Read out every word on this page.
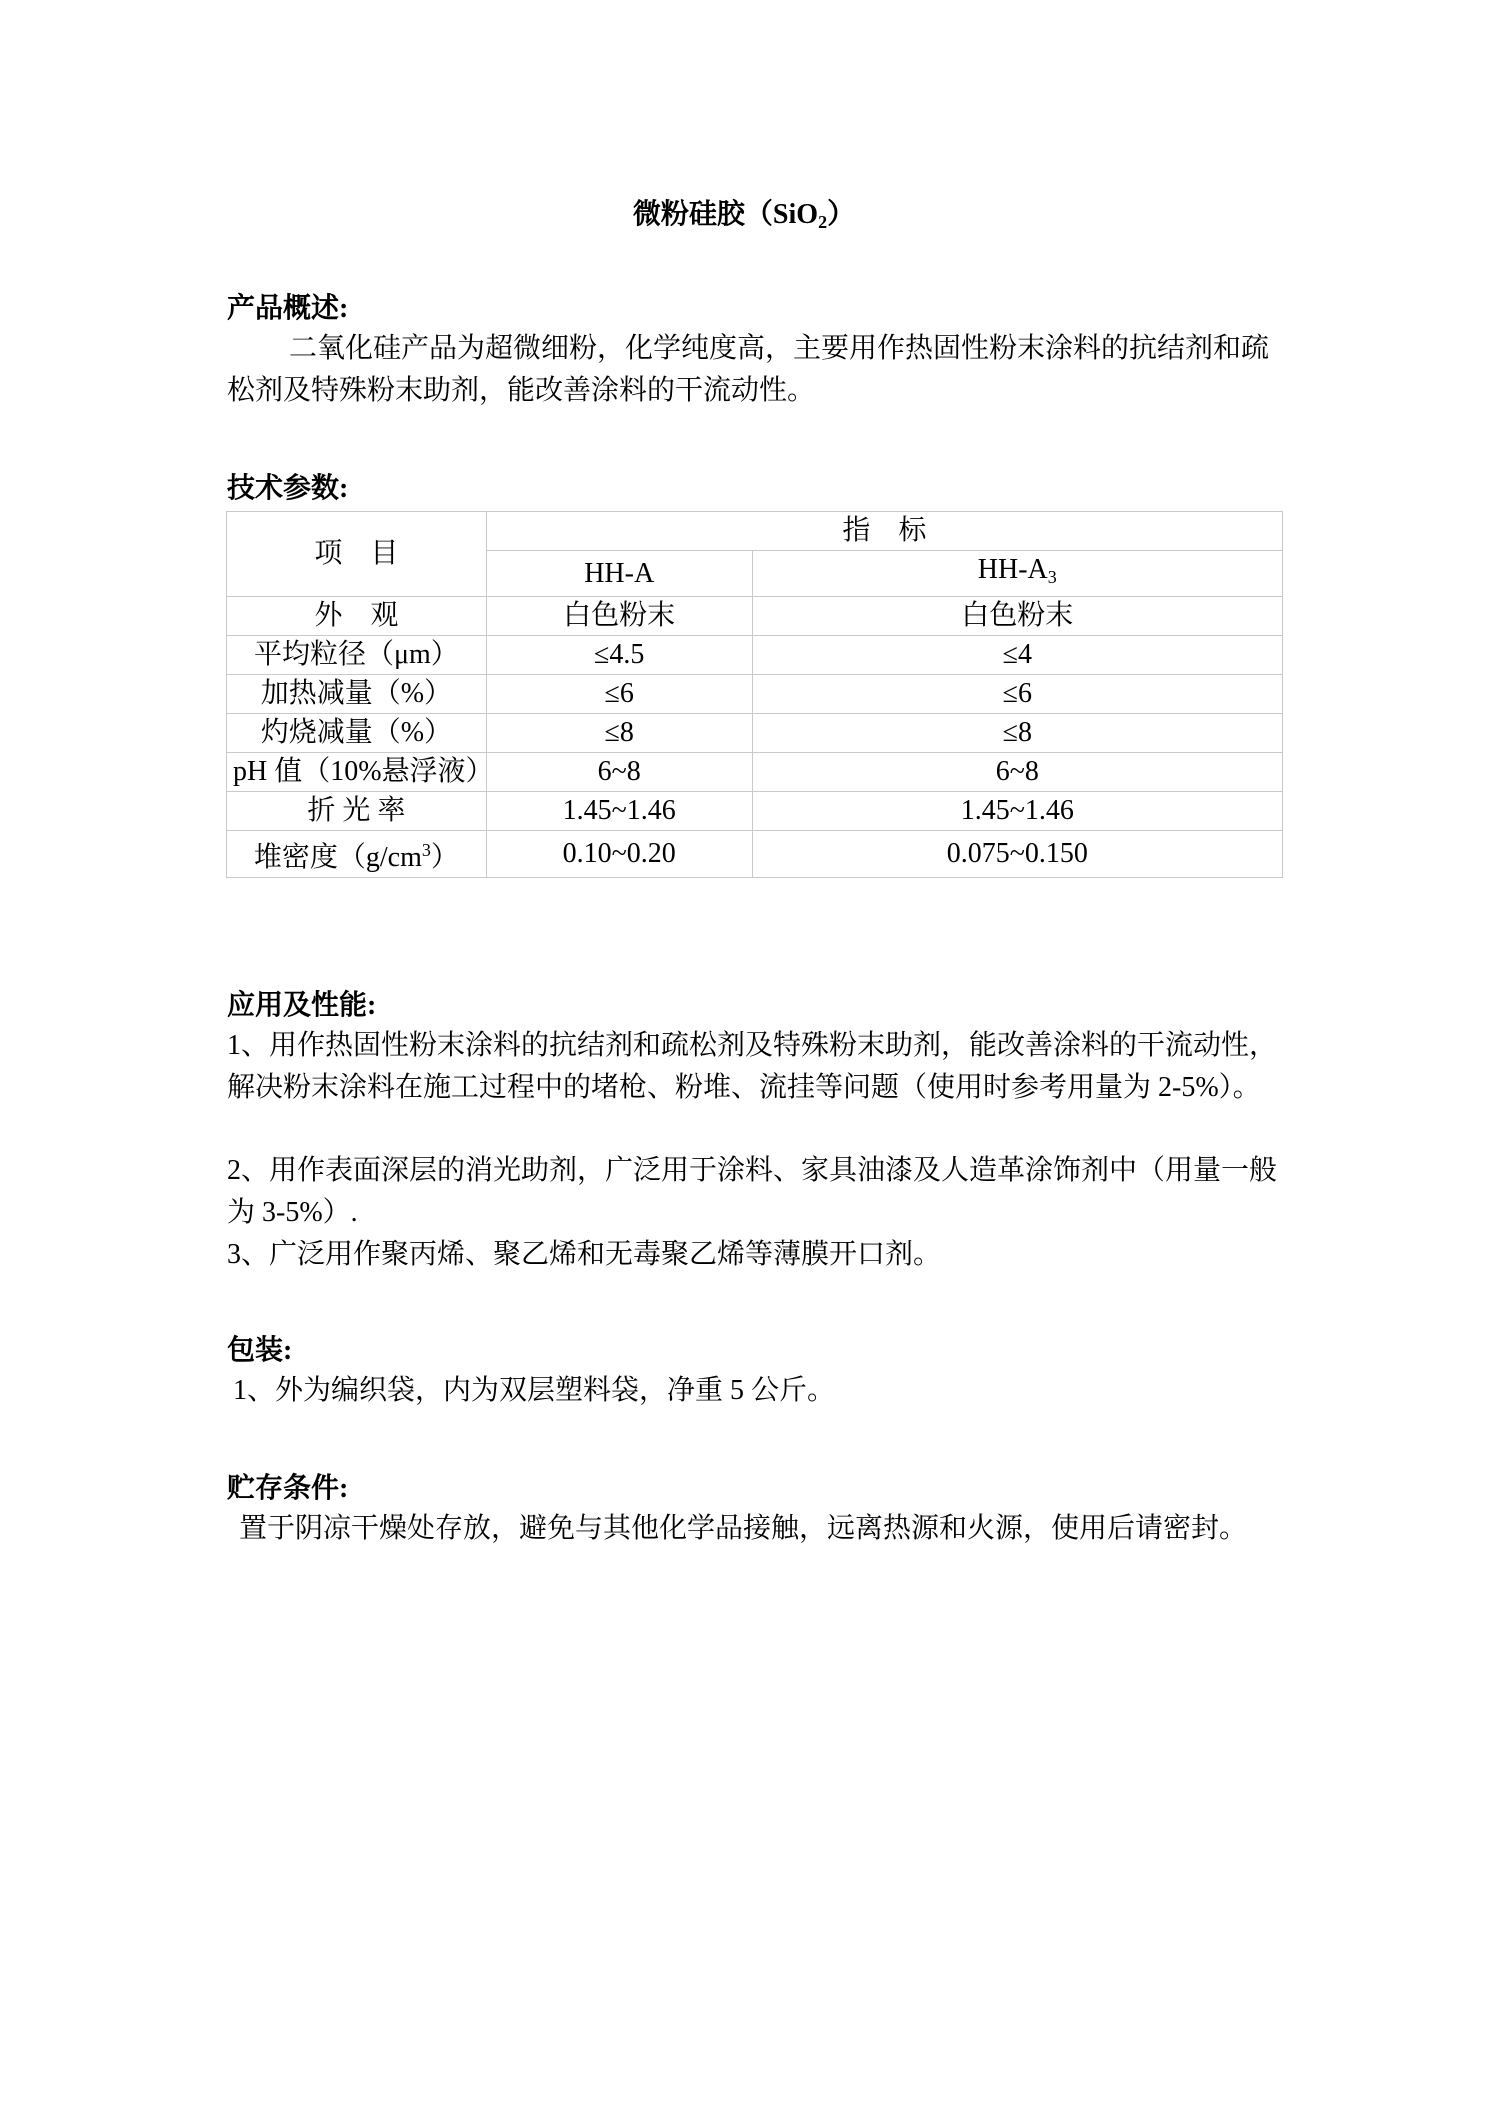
微粉硅胶（SiO$_2$）
产品概述:
二氧化硅产品为超微细粉，化学纯度高，主要用作热固性粉末涂料的抗结剂和疏松剂及特殊粉末助剂，能改善涂料的干流动性。
技术参数:
项　目	指　标	
	HH-A	$HH-A_3$
外　观	白色粉末	白色粉末
平均粒径（μm）	≤4.5	≤4
加热减量（%）	≤6	≤6
灼烧减量（%）	≤8	≤8
pH 值（10%悬浮液）	6~8	6~8
折 光 率	1.45~1.46	1.45~1.46
堆密度$(g/cm^3)$	0.10~0.20	0.075~0.150
应用及性能:
1、用作热固性粉末涂料的抗结剂和疏松剂及特殊粉末助剂，能改善涂料的干流动性，解决粉末涂料在施工过程中的堵枪、粉堆、流挂等问题（使用时参考用量为 2-5%）。
2、用作表面深层的消光助剂，广泛用于涂料、家具油漆及人造革涂饰剂中（用量一般为 3-5%）.
3、广泛用作聚丙烯、聚乙烯和无毒聚乙烯等薄膜开口剂。
包装:
1、外为编织袋，内为双层塑料袋，净重 5 公斤。
贮存条件:
置于阴凉干燥处存放，避免与其他化学品接触，远离热源和火源，使用后请密封。
